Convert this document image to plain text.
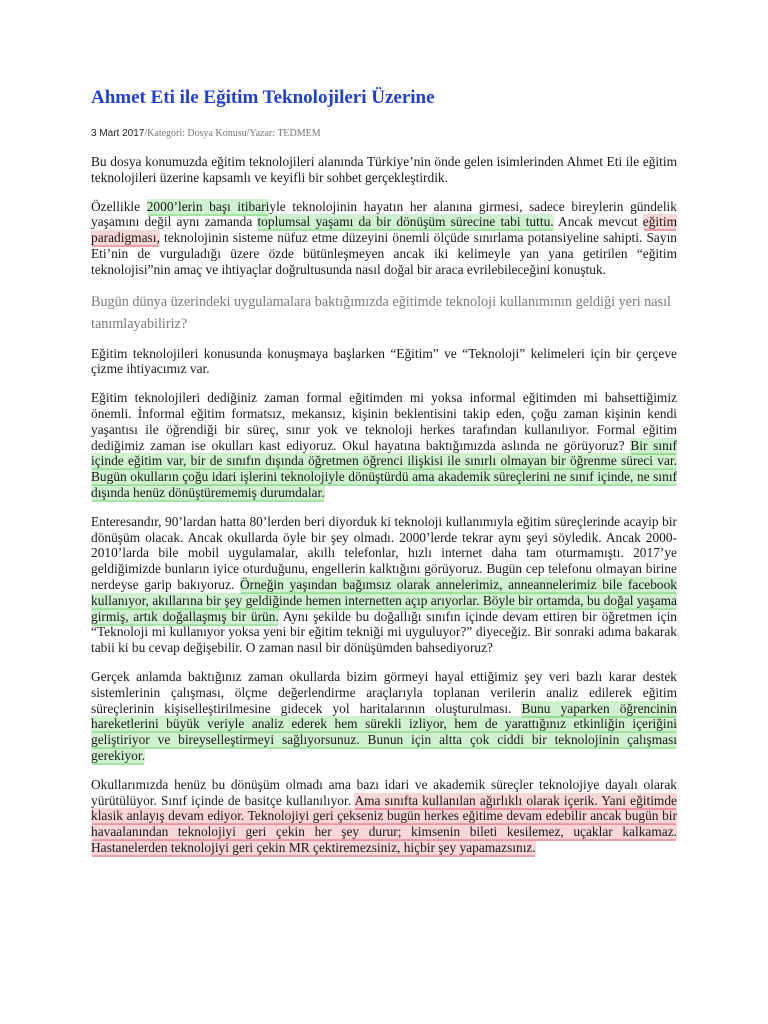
Ahmet Eti ile Eğitim Teknolojileri Üzerine
3 Mart 2017/Kategori: Dosya Konusu/Yazar: TEDMEM

Bu dosya konumuzda eğitim teknolojileri alanında Türkiye’nin önde gelen isimlerinden Ahmet Eti ile eğitim teknolojileri üzerine kapsamlı ve keyifli bir sohbet gerçekleştirdik.

Özellikle 2000’lerin başı itibariyle teknolojinin hayatın her alanına girmesi, sadece bireylerin gündelik yaşamını değil aynı zamanda toplumsal yaşamı da bir dönüşüm sürecine tabi tuttu. Ancak mevcut eğitim paradigması, teknolojinin sisteme nüfuz etme düzeyini önemli ölçüde sınırlama potansiyeline sahipti. Sayın Eti’nin de vurguladığı üzere özde bütünleşmeyen ancak iki kelimeyle yan yana getirilen “eğitim teknolojisi”nin amaç ve ihtiyaçlar doğrultusunda nasıl doğal bir araca evrilebileceğini konuştuk.

Bugün dünya üzerindeki uygulamalara baktığımızda eğitimde teknoloji kullanımının geldiği yeri nasıl tanımlayabiliriz?

Eğitim teknolojileri konusunda konuşmaya başlarken “Eğitim” ve “Teknoloji” kelimeleri için bir çerçeve çizme ihtiyacımız var.

Eğitim teknolojileri dediğiniz zaman formal eğitimden mi yoksa informal eğitimden mi bahsettiğimiz önemli. İnformal eğitim formatsız, mekansız, kişinin beklentisini takip eden, çoğu zaman kişinin kendi yaşantısı ile öğrendiği bir süreç, sınır yok ve teknoloji herkes tarafından kullanılıyor. Formal eğitim dediğimiz zaman ise okulları kast ediyoruz. Okul hayatına baktığımızda aslında ne görüyoruz? Bir sınıf içinde eğitim var, bir de sınıfın dışında öğretmen öğrenci ilişkisi ile sınırlı olmayan bir öğrenme süreci var. Bugün okulların çoğu idari işlerini teknolojiyle dönüştürdü ama akademik süreçlerini ne sınıf içinde, ne sınıf dışında henüz dönüştürememiş durumdalar.

Enteresandır, 90’lardan hatta 80’lerden beri diyorduk ki teknoloji kullanımıyla eğitim süreçlerinde acayip bir dönüşüm olacak. Ancak okullarda öyle bir şey olmadı. 2000’lerde tekrar aynı şeyi söyledik. Ancak 2000-2010’larda bile mobil uygulamalar, akıllı telefonlar, hızlı internet daha tam oturmamıştı. 2017’ye geldiğimizde bunların iyice oturduğunu, engellerin kalktığını görüyoruz. Bugün cep telefonu olmayan birine nerdeyse garip bakıyoruz. Örneğin yaşından bağımsız olarak annelerimiz, anneannelerimiz bile facebook kullanıyor, akıllarına bir şey geldiğinde hemen internetten açıp arıyorlar. Böyle bir ortamda, bu doğal yaşama girmiş, artık doğallaşmış bir ürün. Aynı şekilde bu doğallığı sınıfın içinde devam ettiren bir öğretmen için “Teknoloji mi kullanıyor yoksa yeni bir eğitim tekniği mi uyguluyor?” diyeceğiz. Bir sonraki adıma bakarak tabii ki bu cevap değişebilir. O zaman nasıl bir dönüşümden bahsediyoruz?

Gerçek anlamda baktığınız zaman okullarda bizim görmeyi hayal ettiğimiz şey veri bazlı karar destek sistemlerinin çalışması, ölçme değerlendirme araçlarıyla toplanan verilerin analiz edilerek eğitim süreçlerinin kişiselleştirilmesine gidecek yol haritalarının oluşturulması. Bunu yaparken öğrencinin hareketlerini büyük veriyle analiz ederek hem sürekli izliyor, hem de yarattığınız etkinliğin içeriğini geliştiriyor ve bireyselleştirmeyi sağlıyorsunuz. Bunun için altta çok ciddi bir teknolojinin çalışması gerekiyor.

Okullarımızda henüz bu dönüşüm olmadı ama bazı idari ve akademik süreçler teknolojiye dayalı olarak yürütülüyor. Sınıf içinde de basitçe kullanılıyor. Ama sınıfta kullanılan ağırlıklı olarak içerik. Yani eğitimde klasik anlayış devam ediyor. Teknolojiyi geri çekseniz bugün herkes eğitime devam edebilir ancak bugün bir havaalanından teknolojiyi geri çekin her şey durur; kimsenin bileti kesilemez, uçaklar kalkamaz. Hastanelerden teknolojiyi geri çekin MR çektiremezsiniz, hiçbir şey yapamazsınız.
